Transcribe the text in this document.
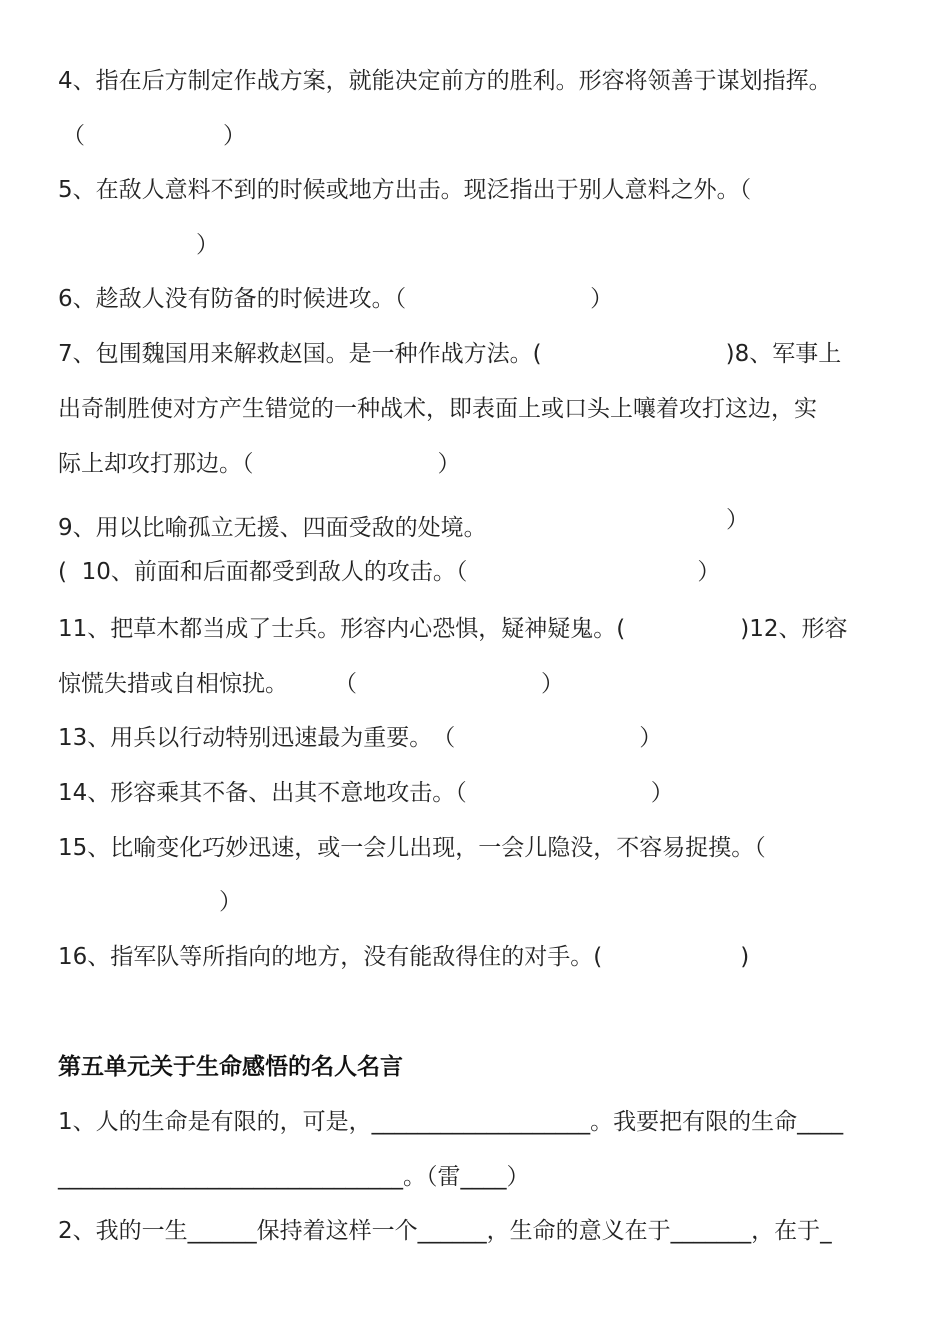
4、指在后方制定作战方案，就能决定前方的胜利。形容将领善于谋划指挥。

（　　　　　　）

5、在敌人意料不到的时候或地方出击。现泛指出于别人意料之外。（

　　　　　　）

6、趁敌人没有防备的时候进攻。（　　　　　　　　）

7、包围魏国用来解救赵国。是一种作战方法。(　　　　　　　　)8、军事上

出奇制胜使对方产生错觉的一种战术，即表面上或口头上嚷着攻打这边，实

际上却攻打那边。（　　　　　　　　）

）

9、用以比喻孤立无援、四面受敌的处境。

(  10、前面和后面都受到敌人的攻击。（　　　　　　　　　　）

11、把草木都当成了士兵。形容内心恐惧，疑神疑鬼。(　　　　　)12、形容

惊慌失措或自相惊扰。　　　（　　　　　　　　）

13、用兵以行动特别迅速最为重要。　（　　　　　　　　）

14、形容乘其不备、出其不意地攻击。（　　　　　　　　）

15、比喻变化巧妙迅速，或一会儿出现，一会儿隐没，不容易捉摸。（

　　　　　　　）

16、指军队等所指向的地方，没有能敌得住的对手。(　　　　　　)

第五单元关于生命感悟的名人名言

1、人的生命是有限的，可是，___________________。我要把有限的生命____

______________________________。（雷____）

2、我的一生______保持着这样一个______，生命的意义在于_______，在于_
